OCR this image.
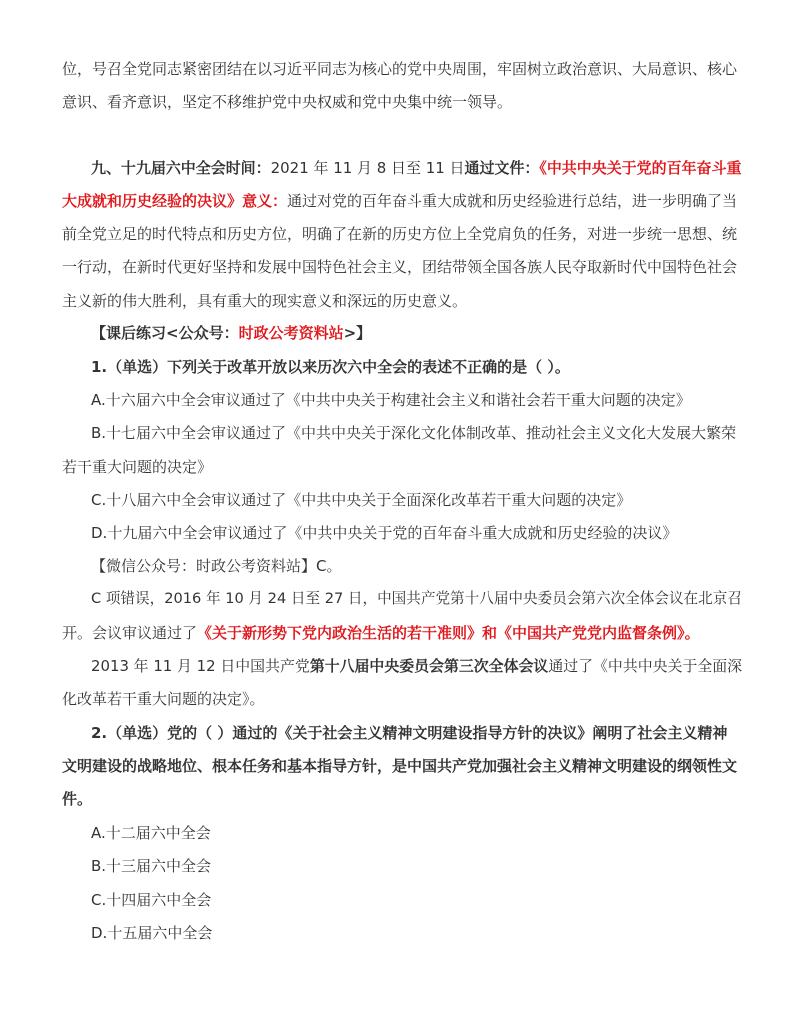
位，号召全党同志紧密团结在以习近平同志为核心的党中央周围，牢固树立政治意识、大局意识、核心
意识、看齐意识，坚定不移维护党中央权威和党中央集中统一领导。
九、十九届六中全会时间：2021 年 11 月 8 日至 11 日通过文件：《中共中央关于党的百年奋斗重
大成就和历史经验的决议》意义：通过对党的百年奋斗重大成就和历史经验进行总结，进一步明确了当
前全党立足的时代特点和历史方位，明确了在新的历史方位上全党肩负的任务，对进一步统一思想、统
一行动，在新时代更好坚持和发展中国特色社会主义，团结带领全国各族人民夺取新时代中国特色社会
主义新的伟大胜利，具有重大的现实意义和深远的历史意义。
【课后练习<公众号：时政公考资料站>】
1.（单选）下列关于改革开放以来历次六中全会的表述不正确的是（ ）。
A.十六届六中全会审议通过了《中共中央关于构建社会主义和谐社会若干重大问题的决定》
B.十七届六中全会审议通过了《中共中央关于深化文化体制改革、推动社会主义文化大发展大繁荣
若干重大问题的决定》
C.十八届六中全会审议通过了《中共中央关于全面深化改革若干重大问题的决定》
D.十九届六中全会审议通过了《中共中央关于党的百年奋斗重大成就和历史经验的决议》
【微信公众号：时政公考资料站】C。
C 项错误，2016 年 10 月 24 日至 27 日，中国共产党第十八届中央委员会第六次全体会议在北京召
开。会议审议通过了《关于新形势下党内政治生活的若干准则》和《中国共产党党内监督条例》。
2013 年 11 月 12 日中国共产党第十八届中央委员会第三次全体会议通过了《中共中央关于全面深
化改革若干重大问题的决定》。
2.（单选）党的（ ）通过的《关于社会主义精神文明建设指导方针的决议》阐明了社会主义精神
文明建设的战略地位、根本任务和基本指导方针，是中国共产党加强社会主义精神文明建设的纲领性文
件。
A.十二届六中全会
B.十三届六中全会
C.十四届六中全会
D.十五届六中全会
